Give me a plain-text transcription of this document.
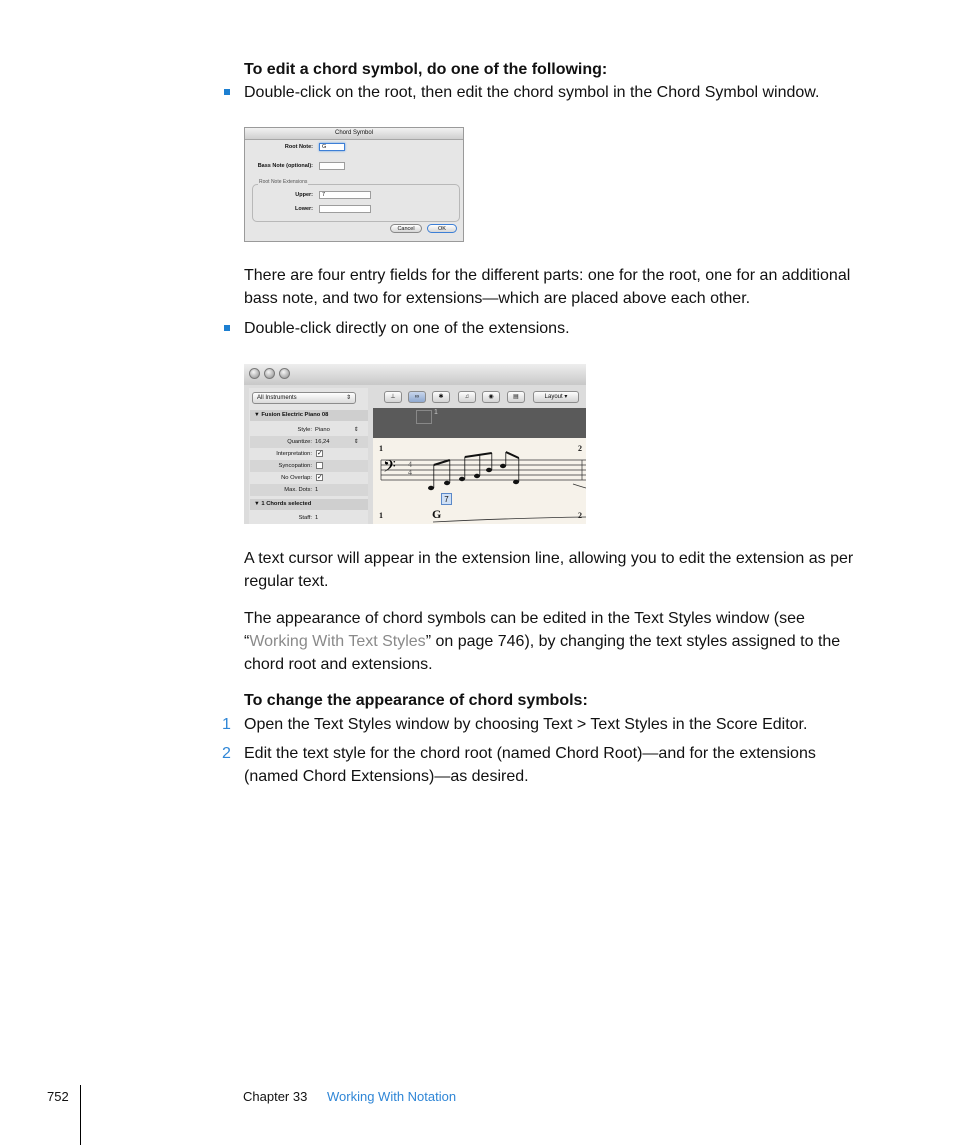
To edit a chord symbol, do one of the following:
Double-click on the root, then edit the chord symbol in the Chord Symbol window.
Chord Symbol
Root Note:	G
Bass Note (optional):
Root Note Extensions
Upper:	7
Lower:
Cancel	OK
There are four entry fields for the different parts: one for the root, one for an additional
bass note, and two for extensions—which are placed above each other.
Double-click directly on one of the extensions.
All Instruments	⇕
▼ Fusion Electric Piano 08
Style: Piano	⇕
Quantize: 16,24	⇕
Interpretation: ✓
Syncopation:
No Overlap: ✓
Max. Dots: 1
▼ 1 Chords selected
Staff: 1
⊥	∞	✱	♫	◉	▤	Layout ▾
1
1	2
1	2
𝄢 4
4
G
7
A text cursor will appear in the extension line, allowing you to edit the extension as per
regular text.
The appearance of chord symbols can be edited in the Text Styles window (see
“Working With Text Styles” on page 746), by changing the text styles assigned to the
chord root and extensions.
To change the appearance of chord symbols:
1 Open the Text Styles window by choosing Text > Text Styles in the Score Editor.
2 Edit the text style for the chord root (named Chord Root)—and for the extensions
(named Chord Extensions)—as desired.
752	Chapter 33 Working With Notation
